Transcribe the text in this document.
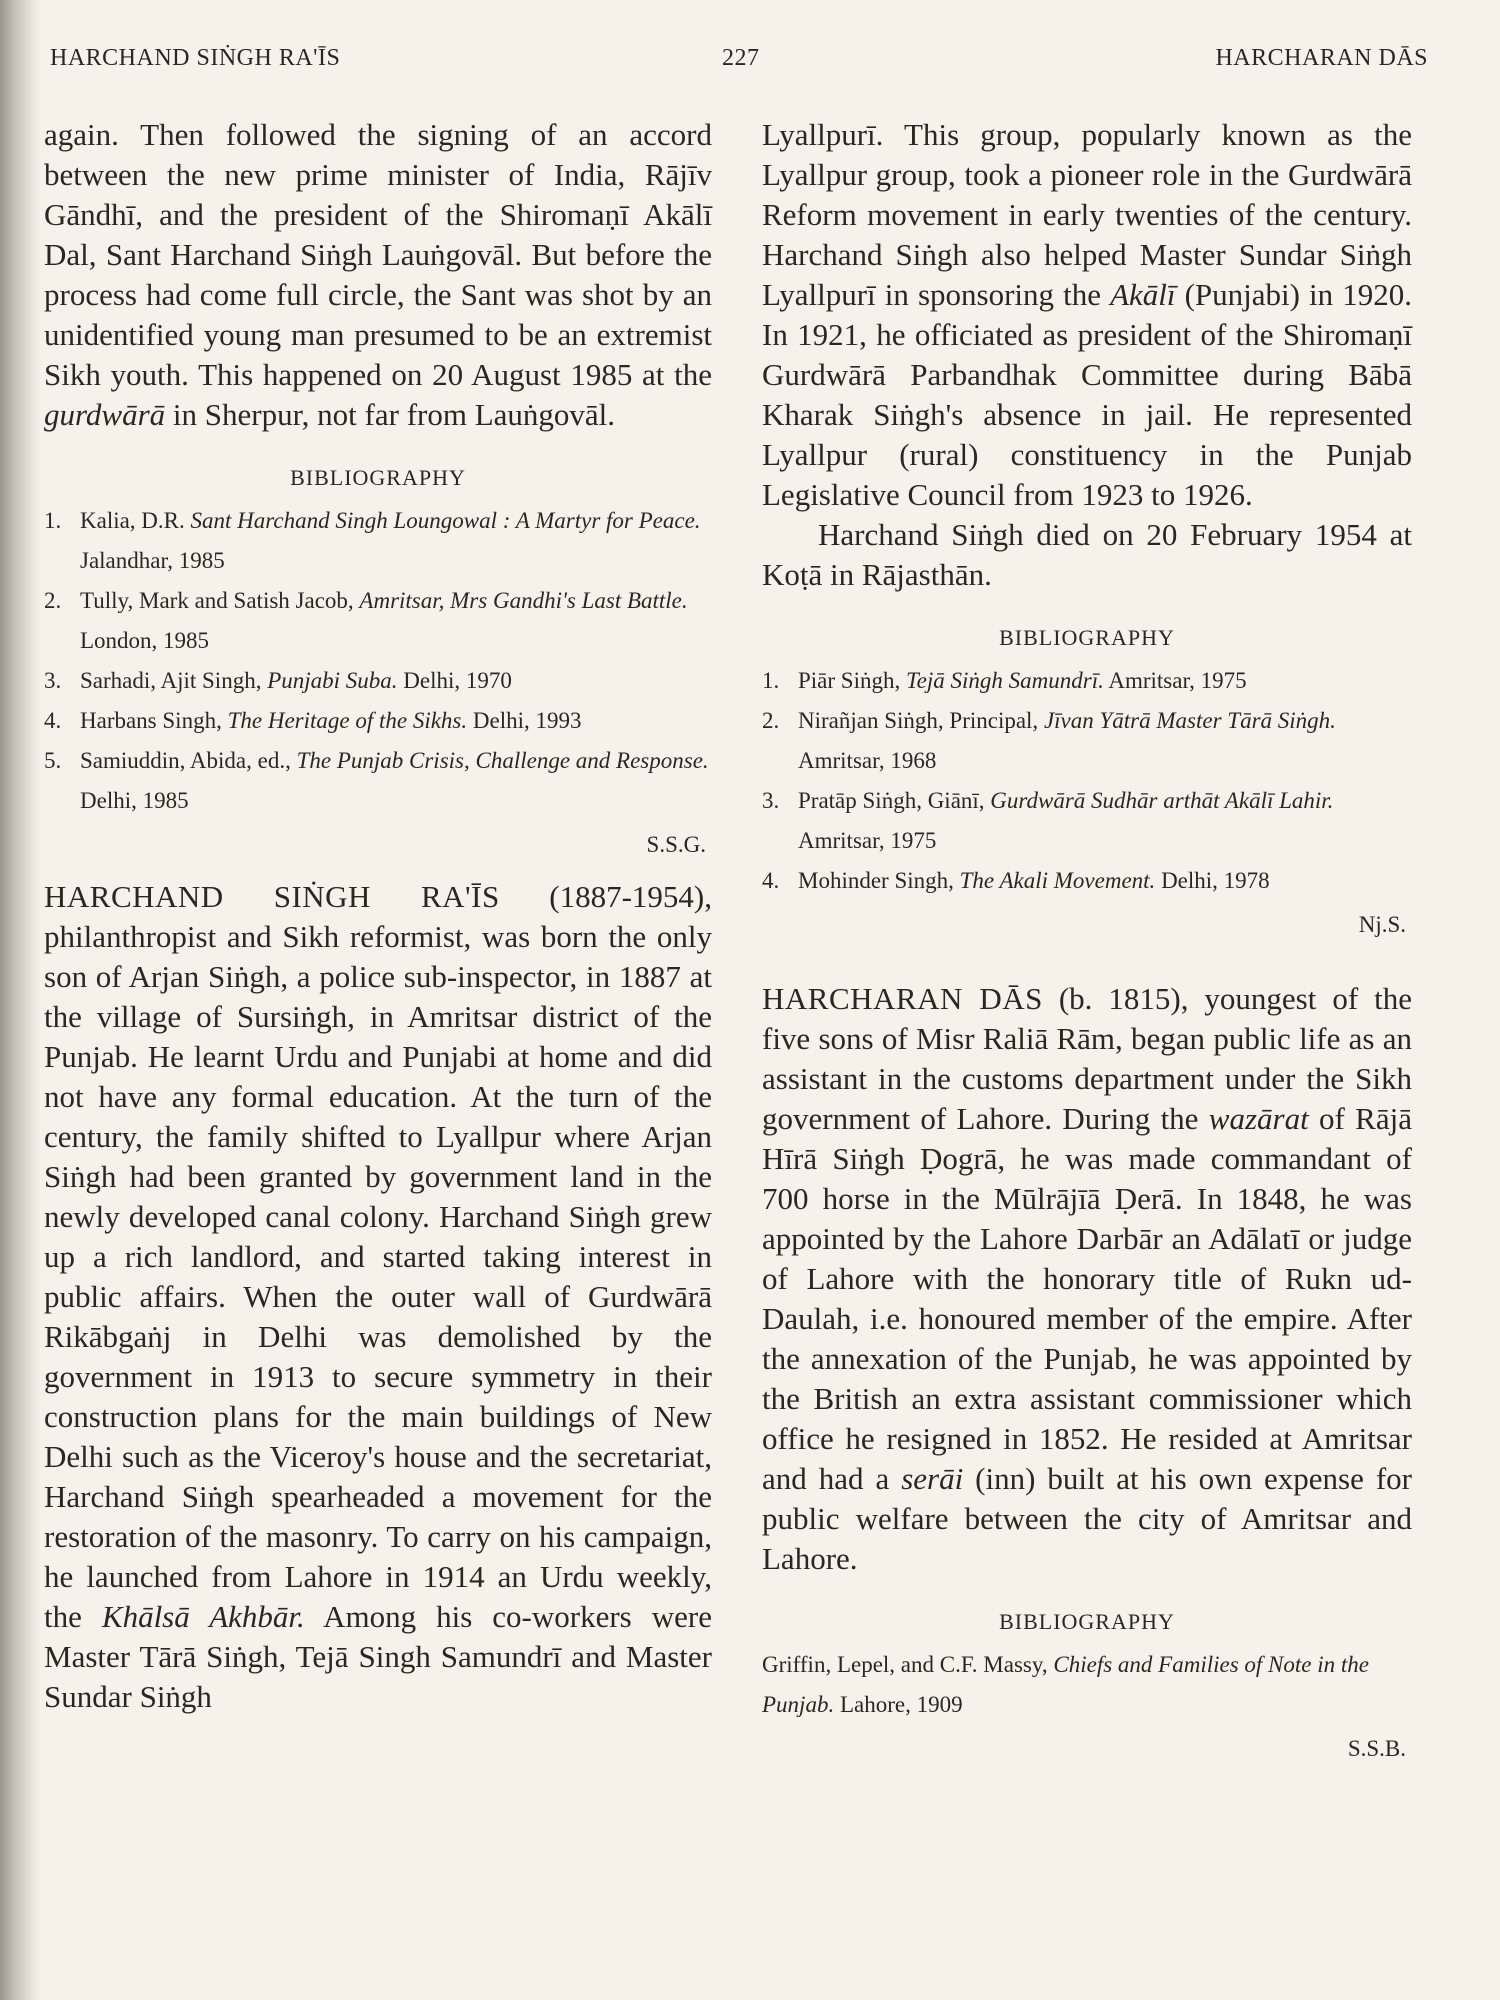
HARCHAND SIṄGH RA'ĪS	227	HARCHARAN DĀS

again. Then followed the signing of an accord between the new prime minister of India, Rājīv Gāndhī, and the president of the Shiromaṇī Akālī Dal, Sant Harchand Siṅgh Lauṅgovāl. But before the process had come full circle, the Sant was shot by an unidentified young man presumed to be an extremist Sikh youth. This happened on 20 August 1985 at the gurdwārā in Sherpur, not far from Lauṅgovāl.

BIBLIOGRAPHY
1. Kalia, D.R. Sant Harchand Singh Loungowal : A Martyr for Peace. Jalandhar, 1985
2. Tully, Mark and Satish Jacob, Amritsar, Mrs Gandhi's Last Battle. London, 1985
3. Sarhadi, Ajit Singh, Punjabi Suba. Delhi, 1970
4. Harbans Singh, The Heritage of the Sikhs. Delhi, 1993
5. Samiuddin, Abida, ed., The Punjab Crisis, Challenge and Response. Delhi, 1985
S.S.G.

HARCHAND SIṄGH RA'ĪS (1887-1954), philanthropist and Sikh reformist, was born the only son of Arjan Siṅgh, a police sub-inspector, in 1887 at the village of Sursiṅgh, in Amritsar district of the Punjab. He learnt Urdu and Punjabi at home and did not have any formal education. At the turn of the century, the family shifted to Lyallpur where Arjan Siṅgh had been granted by government land in the newly developed canal colony. Harchand Siṅgh grew up a rich landlord, and started taking interest in public affairs. When the outer wall of Gurdwārā Rikābgaṅj in Delhi was demolished by the government in 1913 to secure symmetry in their construction plans for the main buildings of New Delhi such as the Viceroy's house and the secretariat, Harchand Siṅgh spearheaded a movement for the restoration of the masonry. To carry on his campaign, he launched from Lahore in 1914 an Urdu weekly, the Khālsā Akhbār. Among his co-workers were Master Tārā Siṅgh, Tejā Singh Samundrī and Master Sundar Siṅgh

Lyallpurī. This group, popularly known as the Lyallpur group, took a pioneer role in the Gurdwārā Reform movement in early twenties of the century. Harchand Siṅgh also helped Master Sundar Siṅgh Lyallpurī in sponsoring the Akālī (Punjabi) in 1920. In 1921, he officiated as president of the Shiromaṇī Gurdwārā Parbandhak Committee during Bābā Kharak Siṅgh's absence in jail. He represented Lyallpur (rural) constituency in the Punjab Legislative Council from 1923 to 1926.

Harchand Siṅgh died on 20 February 1954 at Koṭā in Rājasthān.

BIBLIOGRAPHY
1. Piār Siṅgh, Tejā Siṅgh Samundrī. Amritsar, 1975
2. Nirañjan Siṅgh, Principal, Jīvan Yātrā Master Tārā Siṅgh. Amritsar, 1968
3. Pratāp Siṅgh, Giānī, Gurdwārā Sudhār arthāt Akālī Lahir. Amritsar, 1975
4. Mohinder Singh, The Akali Movement. Delhi, 1978
Nj.S.

HARCHARAN DĀS (b. 1815), youngest of the five sons of Misr Raliā Rām, began public life as an assistant in the customs department under the Sikh government of Lahore. During the wazārat of Rājā Hīrā Siṅgh Ḍogrā, he was made commandant of 700 horse in the Mūlrājīā Ḍerā. In 1848, he was appointed by the Lahore Darbār an Adālatī or judge of Lahore with the honorary title of Rukn ud-Daulah, i.e. honoured member of the empire. After the annexation of the Punjab, he was appointed by the British an extra assistant commissioner which office he resigned in 1852. He resided at Amritsar and had a serāi (inn) built at his own expense for public welfare between the city of Amritsar and Lahore.

BIBLIOGRAPHY

Griffin, Lepel, and C.F. Massy, Chiefs and Families of Note in the Punjab. Lahore, 1909

S.S.B.
